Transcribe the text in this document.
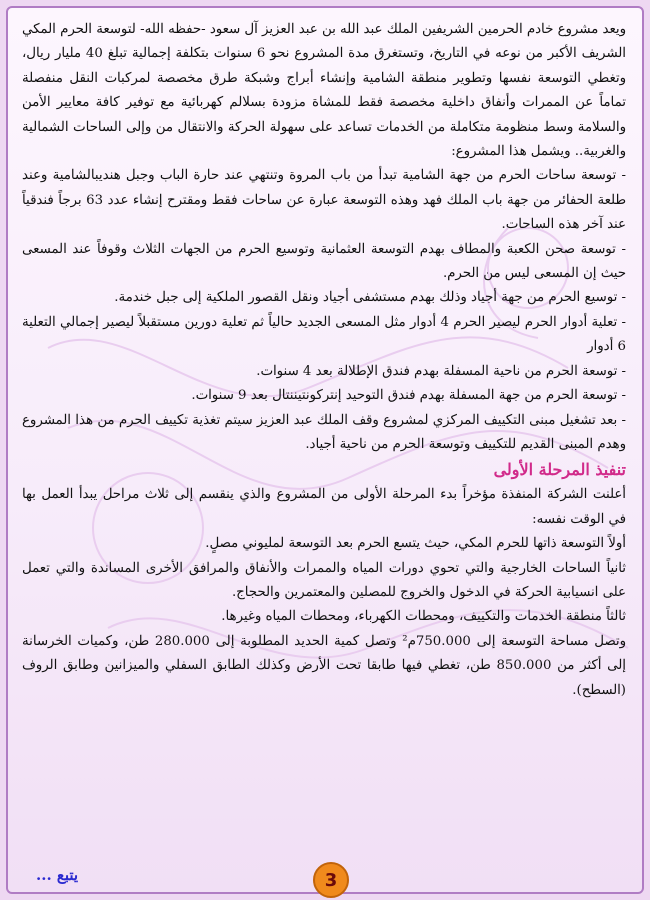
ويعد مشروع خادم الحرمين الشريفين الملك عبد الله بن عبد العزيز آل سعود -حفظه الله- لتوسعة الحرم المكي الشريف الأكبر من نوعه في التاريخ، وتستغرق مدة المشروع نحو 6 سنوات بتكلفة إجمالية تبلغ 40 مليار ريال، وتغطي التوسعة نفسها وتطوير منطقة الشامية وإنشاء أبراج وشبكة طرق مخصصة لمركبات النقل منفصلة تماماً عن الممرات وأنفاق داخلية مخصصة فقط للمشاة مزودة بسلالم كهربائية مع توفير كافة معايير الأمن والسلامة وسط منظومة متكاملة من الخدمات تساعد على سهولة الحركة والانتقال من وإلى الساحات الشمالية والغربية.. ويشمل هذا المشروع:

- توسعة ساحات الحرم من جهة الشامية تبدأ من باب المروة وتنتهي عند حارة الباب وجبل هنديبالشامية وعند طلعة الحفائر من جهة باب الملك فهد وهذه التوسعة عبارة عن ساحات فقط ومقترح إنشاء عدد 63 برجاً فندقياً عند آخر هذه الساحات.

- توسعة صحن الكعبة والمطاف بهدم التوسعة العثمانية وتوسيع الحرم من الجهات الثلاث وقوفاً عند المسعى حيث إن المسعى ليس من الحرم.

- توسيع الحرم من جهة أجياد وذلك بهدم مستشفى أجياد ونقل القصور الملكية إلى جبل خندمة.

- تعلية أدوار الحرم ليصير الحرم 4 أدوار مثل المسعى الجديد حالياً ثم تعلية دورين مستقبلاً ليصير إجمالي التعلية 6 أدوار

- توسعة الحرم من ناحية المسفلة بهدم فندق الإطلالة بعد 4 سنوات.

- توسعة الحرم من جهة المسفلة بهدم فندق التوحيد إنتركونتيننتال بعد 9 سنوات.

- بعد تشغيل مبنى التكييف المركزي لمشروع وقف الملك عبد العزيز سيتم تغذية تكييف الحرم من هذا المشروع وهدم المبنى القديم للتكييف وتوسعة الحرم من ناحية أجياد.

تنفيذ المرحلة الأولى

أعلنت الشركة المنفذة مؤخراً بدء المرحلة الأولى من المشروع والذي ينقسم إلى ثلاث مراحل يبدأ العمل بها في الوقت نفسه:

أولاً التوسعة ذاتها للحرم المكي، حيث يتسع الحرم بعد التوسعة لمليوني مصلٍ.

ثانياً الساحات الخارجية والتي تحوي دورات المياه والممرات والأنفاق والمرافق الأخرى المساندة والتي تعمل على انسيابية الحركة في الدخول والخروج للمصلين والمعتمرين والحجاج.

ثالثاً منطقة الخدمات والتكييف، ومحطات الكهرباء، ومحطات المياه وغيرها.

وتصل مساحة التوسعة إلى 750.000م² وتصل كمية الحديد المطلوبة إلى 280.000 طن، وكميات الخرسانة إلى أكثر من 850.000 طن، تغطي فيها طابقا تحت الأرض وكذلك الطابق السفلي والميزانين وطابق الروف (السطح).

3
يتبع ...
